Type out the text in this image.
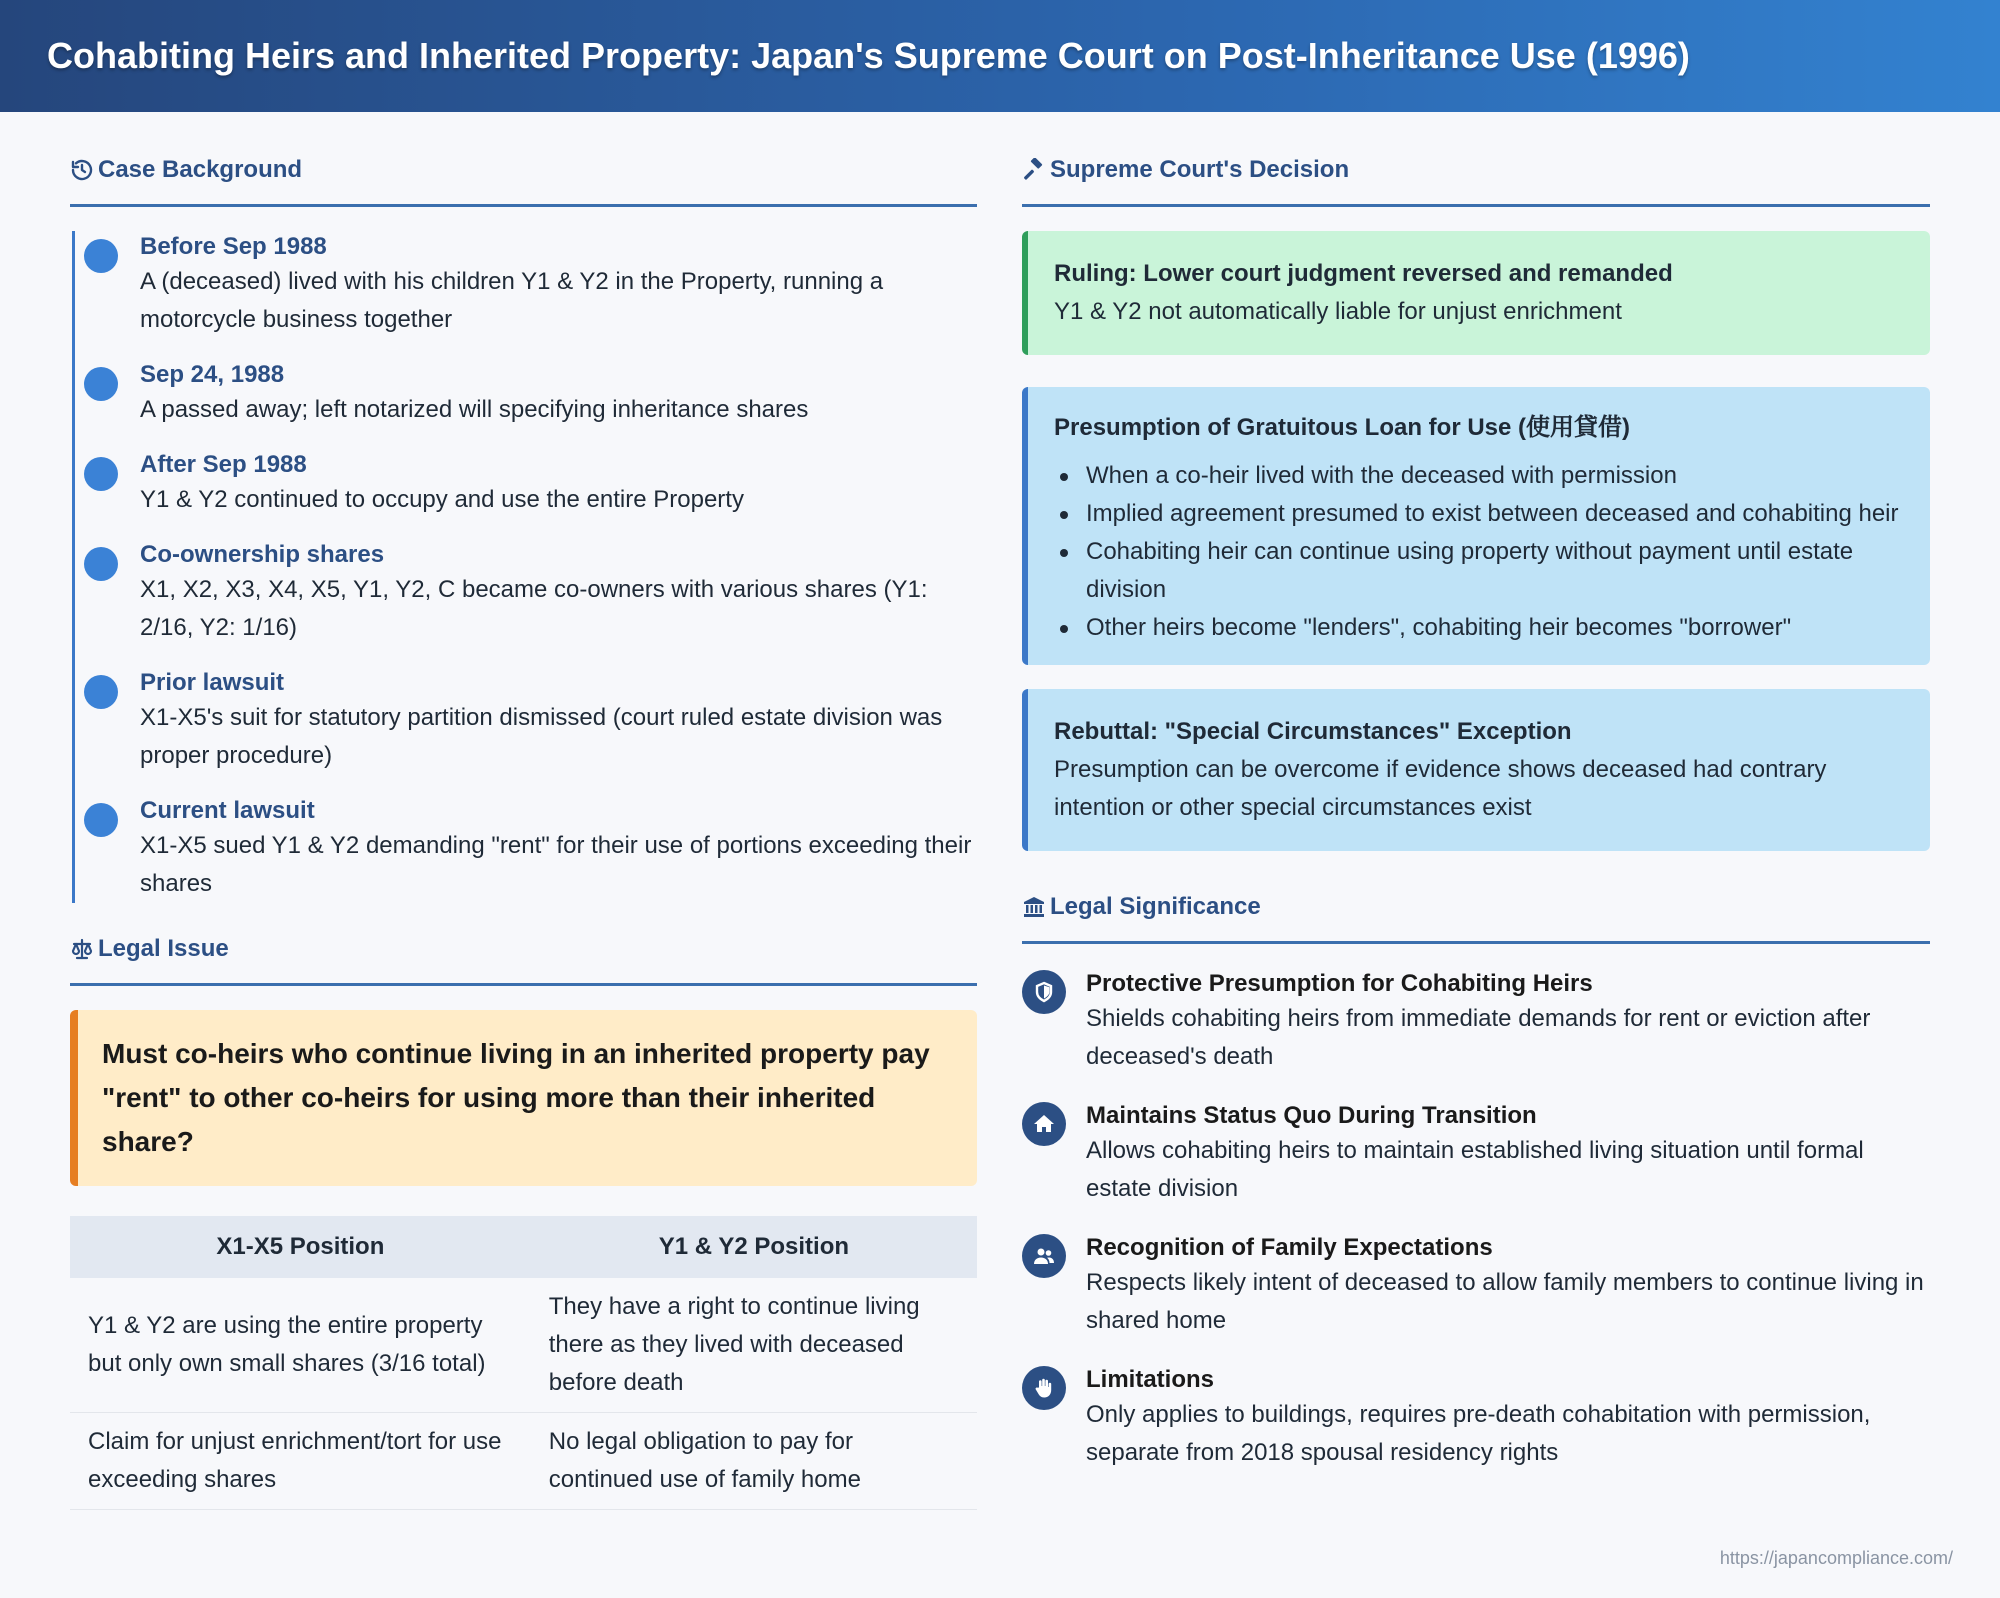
Cohabiting Heirs and Inherited Property: Japan's Supreme Court on Post-Inheritance Use (1996)
Case Background
Before Sep 1988
A (deceased) lived with his children Y1 & Y2 in the Property, running a motorcycle business together
Sep 24, 1988
A passed away; left notarized will specifying inheritance shares
After Sep 1988
Y1 & Y2 continued to occupy and use the entire Property
Co-ownership shares
X1, X2, X3, X4, X5, Y1, Y2, C became co-owners with various shares (Y1: 2/16, Y2: 1/16)
Prior lawsuit
X1-X5's suit for statutory partition dismissed (court ruled estate division was proper procedure)
Current lawsuit
X1-X5 sued Y1 & Y2 demanding "rent" for their use of portions exceeding their shares
Legal Issue
Must co-heirs who continue living in an inherited property pay "rent" to other co-heirs for using more than their inherited share?
X1-X5 Position	Y1 & Y2 Position
Y1 & Y2 are using the entire property but only own small shares (3/16 total)	They have a right to continue living there as they lived with deceased before death
Claim for unjust enrichment/tort for use exceeding shares	No legal obligation to pay for continued use of family home
Supreme Court's Decision
Ruling: Lower court judgment reversed and remanded
Y1 & Y2 not automatically liable for unjust enrichment
Presumption of Gratuitous Loan for Use (使用貸借)
When a co-heir lived with the deceased with permission
Implied agreement presumed to exist between deceased and cohabiting heir
Cohabiting heir can continue using property without payment until estate division
Other heirs become "lenders", cohabiting heir becomes "borrower"
Rebuttal: "Special Circumstances" Exception
Presumption can be overcome if evidence shows deceased had contrary intention or other special circumstances exist
Legal Significance
Protective Presumption for Cohabiting Heirs
Shields cohabiting heirs from immediate demands for rent or eviction after deceased's death
Maintains Status Quo During Transition
Allows cohabiting heirs to maintain established living situation until formal estate division
Recognition of Family Expectations
Respects likely intent of deceased to allow family members to continue living in shared home
Limitations
Only applies to buildings, requires pre-death cohabitation with permission, separate from 2018 spousal residency rights
https://japancompliance.com/
